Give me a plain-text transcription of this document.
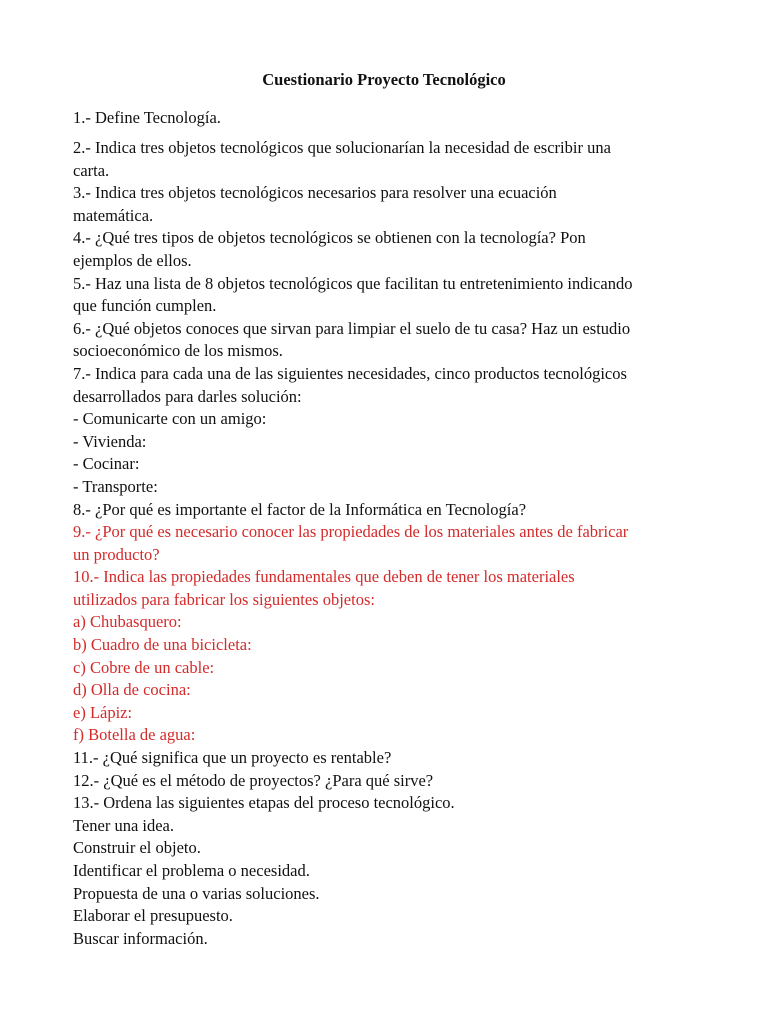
Cuestionario Proyecto Tecnológico

1.- Define Tecnología.

2.- Indica tres objetos tecnológicos que solucionarían la necesidad de escribir una
carta.
3.- Indica tres objetos tecnológicos necesarios para resolver una ecuación
matemática.
4.- ¿Qué tres tipos de objetos tecnológicos se obtienen con la tecnología? Pon
ejemplos de ellos.
5.- Haz una lista de 8 objetos tecnológicos que facilitan tu entretenimiento indicando
que función cumplen.
6.- ¿Qué objetos conoces que sirvan para limpiar el suelo de tu casa? Haz un estudio
socioeconómico de los mismos.
7.- Indica para cada una de las siguientes necesidades, cinco productos tecnológicos
desarrollados para darles solución:
- Comunicarte con un amigo:
- Vivienda:
- Cocinar:
- Transporte:
8.- ¿Por qué es importante el factor de la Informática en Tecnología?
9.- ¿Por qué es necesario conocer las propiedades de los materiales antes de fabricar
un producto?
10.- Indica las propiedades fundamentales que deben de tener los materiales
utilizados para fabricar los siguientes objetos:
a) Chubasquero:
b) Cuadro de una bicicleta:
c) Cobre de un cable:
d) Olla de cocina:
e) Lápiz:
f) Botella de agua:
11.- ¿Qué significa que un proyecto es rentable?
12.- ¿Qué es el método de proyectos? ¿Para qué sirve?
13.- Ordena las siguientes etapas del proceso tecnológico.
Tener una idea.
Construir el objeto.
Identificar el problema o necesidad.
Propuesta de una o varias soluciones.
Elaborar el presupuesto.
Buscar información.
